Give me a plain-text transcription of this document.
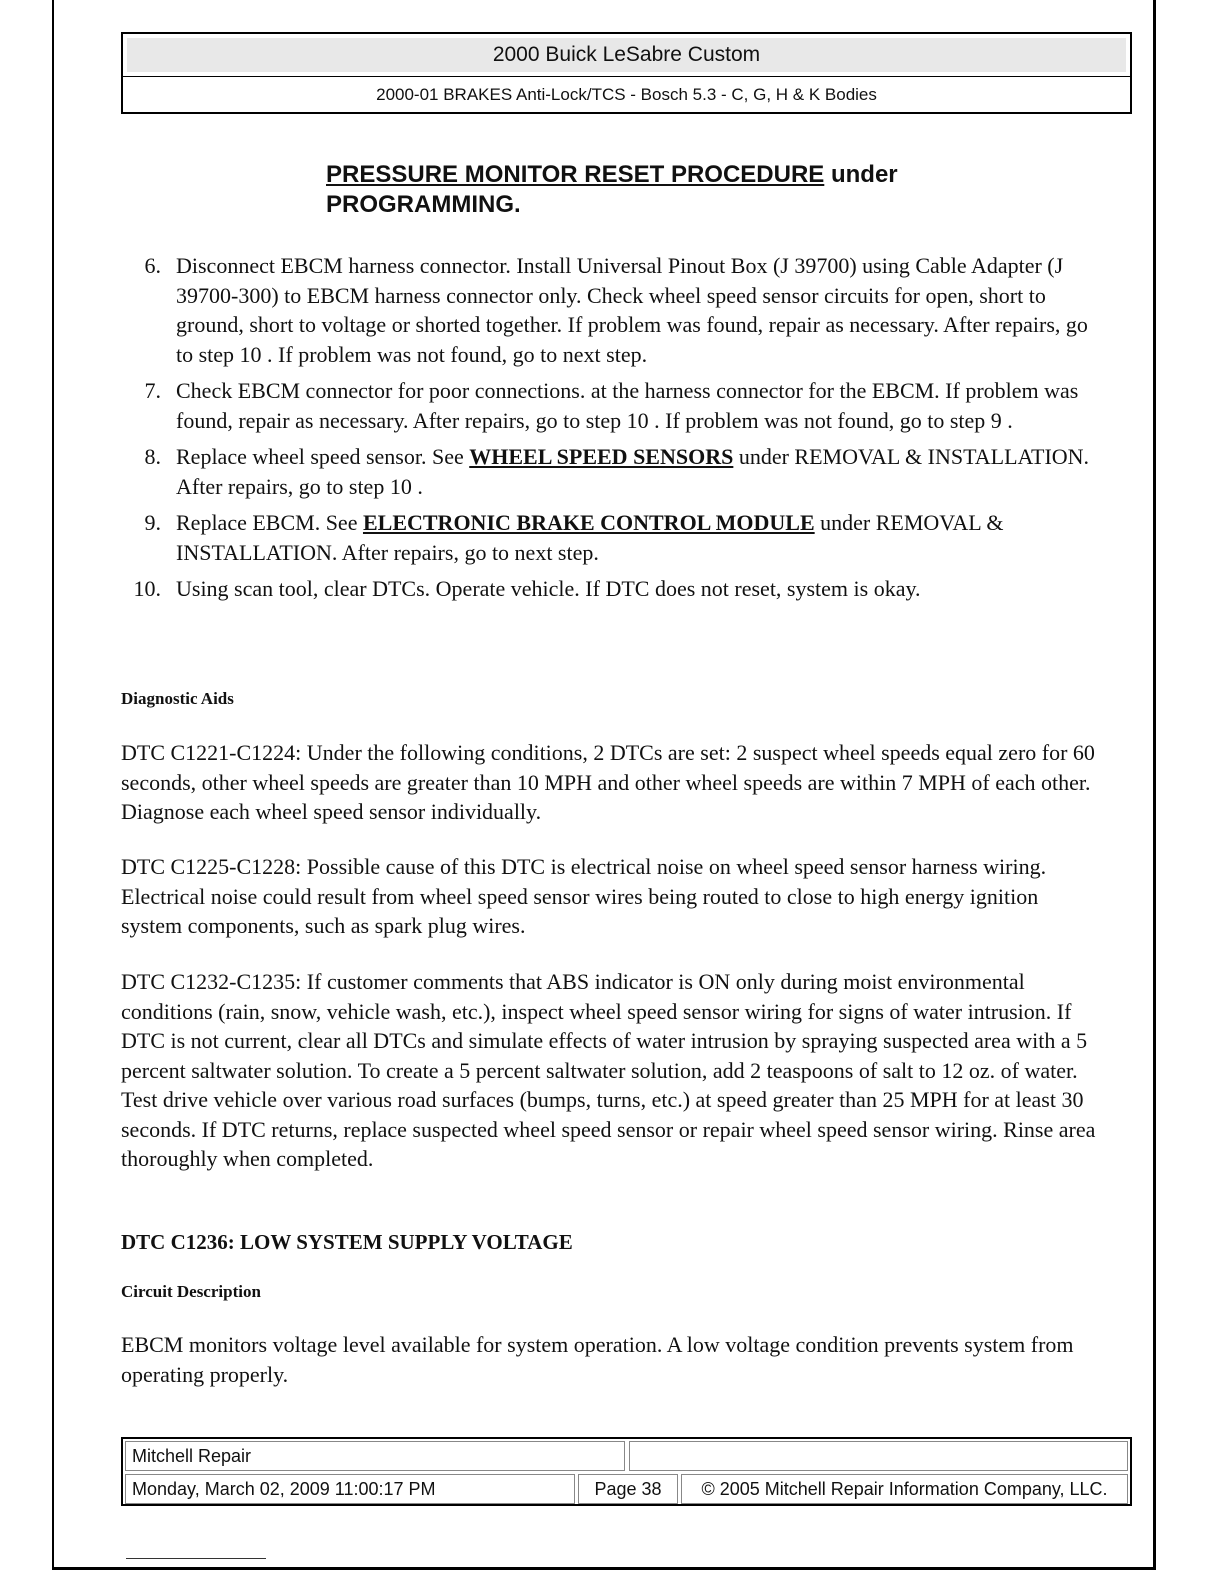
2000 Buick LeSabre Custom
2000-01 BRAKES Anti-Lock/TCS - Bosch 5.3 - C, G, H & K Bodies
PRESSURE MONITOR RESET PROCEDURE under
PROGRAMMING.
6. Disconnect EBCM harness connector. Install Universal Pinout Box (J 39700) using Cable Adapter (J 39700-300) to EBCM harness connector only. Check wheel speed sensor circuits for open, short to ground, short to voltage or shorted together. If problem was found, repair as necessary. After repairs, go to step 10 . If problem was not found, go to next step.
7. Check EBCM connector for poor connections. at the harness connector for the EBCM. If problem was found, repair as necessary. After repairs, go to step 10 . If problem was not found, go to step 9 .
8. Replace wheel speed sensor. See WHEEL SPEED SENSORS under REMOVAL & INSTALLATION. After repairs, go to step 10 .
9. Replace EBCM. See ELECTRONIC BRAKE CONTROL MODULE under REMOVAL & INSTALLATION. After repairs, go to next step.
10. Using scan tool, clear DTCs. Operate vehicle. If DTC does not reset, system is okay.
Diagnostic Aids
DTC C1221-C1224: Under the following conditions, 2 DTCs are set: 2 suspect wheel speeds equal zero for 60 seconds, other wheel speeds are greater than 10 MPH and other wheel speeds are within 7 MPH of each other. Diagnose each wheel speed sensor individually.
DTC C1225-C1228: Possible cause of this DTC is electrical noise on wheel speed sensor harness wiring. Electrical noise could result from wheel speed sensor wires being routed to close to high energy ignition system components, such as spark plug wires.
DTC C1232-C1235: If customer comments that ABS indicator is ON only during moist environmental conditions (rain, snow, vehicle wash, etc.), inspect wheel speed sensor wiring for signs of water intrusion. If DTC is not current, clear all DTCs and simulate effects of water intrusion by spraying suspected area with a 5 percent saltwater solution. To create a 5 percent saltwater solution, add 2 teaspoons of salt to 12 oz. of water. Test drive vehicle over various road surfaces (bumps, turns, etc.) at speed greater than 25 MPH for at least 30 seconds. If DTC returns, replace suspected wheel speed sensor or repair wheel speed sensor wiring. Rinse area thoroughly when completed.
DTC C1236: LOW SYSTEM SUPPLY VOLTAGE
Circuit Description
EBCM monitors voltage level available for system operation. A low voltage condition prevents system from operating properly.
Mitchell Repair
Monday, March 02, 2009 11:00:17 PM	Page 38	© 2005 Mitchell Repair Information Company, LLC.
